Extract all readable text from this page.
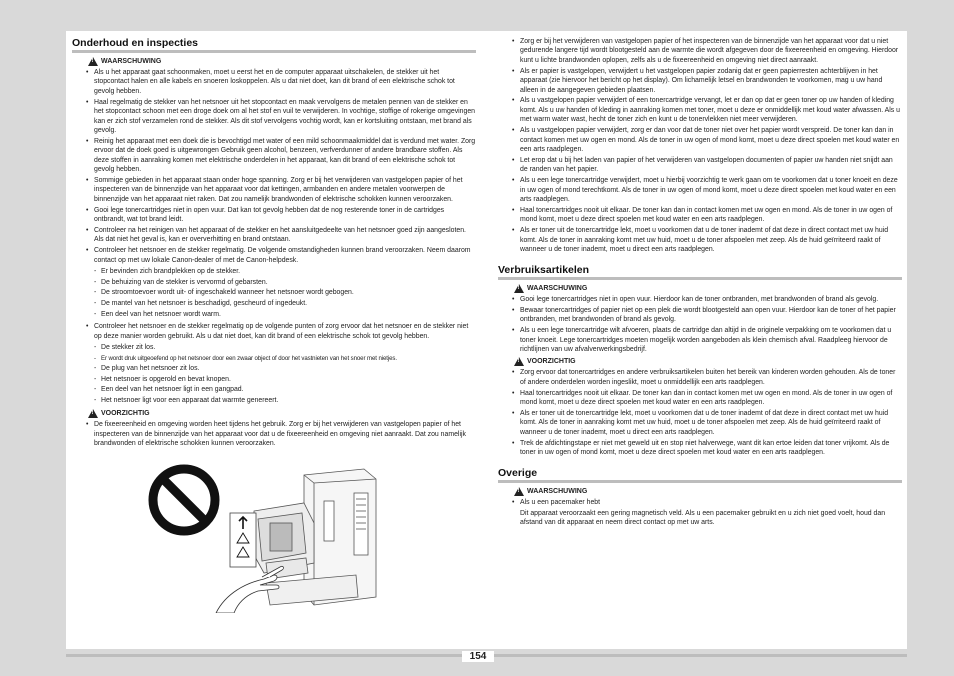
Onderhoud en inspecties
!
WAARSCHUWING
• Als u het apparaat gaat schoonmaken, moet u eerst het en de computer apparaat uitschakelen, de stekker uit het stopcontact halen en alle kabels en snoeren loskoppelen. Als u dat niet doet, kan dit brand of een elektrische schok tot gevolg hebben.
• Haal regelmatig de stekker van het netsnoer uit het stopcontact en maak vervolgens de metalen pennen van de stekker en het stopcontact schoon met een droge doek om al het stof en vuil te verwijderen. In vochtige, stoffige of rokerige omgevingen kan er zich stof verzamelen rond de stekker. Als dit stof vervolgens vochtig wordt, kan er kortsluiting ontstaan, met brand als gevolg.
• Reinig het apparaat met een doek die is bevochtigd met water of een mild schoonmaakmiddel dat is verdund met water. Zorg ervoor dat de doek goed is uitgewrongen Gebruik geen alcohol, benzeen, verfverdunner of andere brandbare stoffen. Als deze stoffen in aanraking komen met elektrische onderdelen in het apparaat, kan dit brand of een elektrische schok tot gevolg hebben.
• Sommige gebieden in het apparaat staan onder hoge spanning. Zorg er bij het verwijderen van vastgelopen papier of het inspecteren van de binnenzijde van het apparaat voor dat kettingen, armbanden en andere metalen voorwerpen de binnenzijde van het apparaat niet raken. Dat zou namelijk brandwonden of elektrische schokken kunnen veroorzaken.
• Gooi lege tonercartridges niet in open vuur. Dat kan tot gevolg hebben dat de nog resterende toner in de cartridges ontbrandt, wat tot brand leidt.
• Controleer na het reinigen van het apparaat of de stekker en het aansluitgedeelte van het netsnoer goed zijn aangesloten. Als dat niet het geval is, kan er oververhitting en brand ontstaan.
• Controleer het netsnoer en de stekker regelmatig. De volgende omstandigheden kunnen brand veroorzaken. Neem daarom contact op met uw lokale Canon-dealer of met de Canon-helpdesk.
- Er bevinden zich brandplekken op de stekker.
- De behuizing van de stekker is vervormd of gebarsten.
- De stroomtoevoer wordt uit- of ingeschakeld wanneer het netsnoer wordt gebogen.
- De mantel van het netsnoer is beschadigd, gescheurd of ingedeukt.
- Een deel van het netsnoer wordt warm.
• Controleer het netsnoer en de stekker regelmatig op de volgende punten of zorg ervoor dat het netsnoer en de stekker niet op deze manier worden gebruikt. Als u dat niet doet, kan dit brand of een elektrische schok tot gevolg hebben.
- De stekker zit los.
- Er wordt druk uitgeoefend op het netsnoer door een zwaar object of door het vastnieten van het snoer met nietjes.
- De plug van het netsnoer zit los.
- Het netsnoer is opgerold en bevat knopen.
- Een deel van het netsnoer ligt in een gangpad.
- Het netsnoer ligt voor een apparaat dat warmte genereert.
!
VOORZICHTIG
• De fixeereenheid en omgeving worden heet tijdens het gebruik. Zorg er bij het verwijderen van vastgelopen papier of het inspecteren van de binnenzijde van het apparaat voor dat u de fixeereenheid en omgeving niet aanraakt. Dat zou namelijk brandwonden of elektrische schokken kunnen veroorzaken.
• Zorg er bij het verwijderen van vastgelopen papier of het inspecteren van de binnenzijde van het apparaat voor dat u niet gedurende langere tijd wordt blootgesteld aan de warmte die wordt afgegeven door de fixeereenheid en omgeving. Hierdoor kunt u lichte brandwonden oplopen, zelfs als u de fixeereenheid en omgeving niet direct aanraakt.
• Als er papier is vastgelopen, verwijdert u het vastgelopen papier zodanig dat er geen papierresten achterblijven in het apparaat (zie hiervoor het bericht op het display). Om lichamelijk letsel en brandwonden te voorkomen, mag u uw hand alleen in de aangegeven gebieden plaatsen.
• Als u vastgelopen papier verwijdert of een tonercartridge vervangt, let er dan op dat er geen toner op uw handen of kleding komt. Als u uw handen of kleding in aanraking komen met toner, moet u deze er onmiddellijk met koud water afwassen. Als u met warm water wast, hecht de toner zich en kunt u de tonervlekken niet meer verwijderen.
• Als u vastgelopen papier verwijdert, zorg er dan voor dat de toner niet over het papier wordt verspreid. De toner kan dan in contact komen met uw ogen en mond. Als de toner in uw ogen of mond komt, moet u deze direct spoelen met koud water en een arts raadplegen.
• Let erop dat u bij het laden van papier of het verwijderen van vastgelopen documenten of papier uw handen niet snijdt aan de randen van het papier.
• Als u een lege tonercartridge verwijdert, moet u hierbij voorzichtig te werk gaan om te voorkomen dat u toner knoeit en deze in uw ogen of mond terechtkomt. Als de toner in uw ogen of mond komt, moet u deze direct spoelen met koud water en een arts raadplegen.
• Haal tonercartridges nooit uit elkaar. De toner kan dan in contact komen met uw ogen en mond. Als de toner in uw ogen of mond komt, moet u deze direct spoelen met koud water en een arts raadplegen.
• Als er toner uit de tonercartridge lekt, moet u voorkomen dat u de toner inademt of dat deze in direct contact met uw huid komt. Als de toner in aanraking komt met uw huid, moet u de toner afspoelen met zeep. Als de huid geïrriteerd raakt of wanneer u de toner inademt, moet u direct een arts raadplegen.
Verbruiksartikelen
!
WAARSCHUWING
• Gooi lege tonercartridges niet in open vuur. Hierdoor kan de toner ontbranden, met brandwonden of brand als gevolg.
• Bewaar tonercartridges of papier niet op een plek die wordt blootgesteld aan open vuur. Hierdoor kan de toner of het papier ontbranden, met brandwonden of brand als gevolg.
• Als u een lege tonercartridge wilt afvoeren, plaats de cartridge dan altijd in de originele verpakking om te voorkomen dat u toner knoeit. Lege tonercartridges moeten mogelijk worden aangeboden als klein chemisch afval. Raadpleeg hiervoor de richtlijnen van uw afvalverwerkingsbedrijf.
!
VOORZICHTIG
• Zorg ervoor dat tonercartridges en andere verbruiksartikelen buiten het bereik van kinderen worden gehouden. Als de toner of andere onderdelen worden ingeslikt, moet u onmiddellijk een arts raadplegen.
• Haal tonercartridges nooit uit elkaar. De toner kan dan in contact komen met uw ogen en mond. Als de toner in uw ogen of mond komt, moet u deze direct spoelen met koud water en een arts raadplegen.
• Als er toner uit de tonercartridge lekt, moet u voorkomen dat u de toner inademt of dat deze in direct contact met uw huid komt. Als de toner in aanraking komt met uw huid, moet u de toner afspoelen met zeep. Als de huid geïrriteerd raakt of wanneer u de toner inademt, moet u direct een arts raadplegen.
• Trek de afdichtingstape er niet met geweld uit en stop niet halverwege, want dit kan ertoe leiden dat toner vrijkomt. Als de toner in uw ogen of mond komt, moet u deze direct spoelen met koud water en een arts raadplegen.
Overige
!
WAARSCHUWING
• Als u een pacemaker hebt
Dit apparaat veroorzaakt een gering magnetisch veld. Als u een pacemaker gebruikt en u zich niet goed voelt, houd dan afstand van dit apparaat en neem direct contact op met uw arts.
154
